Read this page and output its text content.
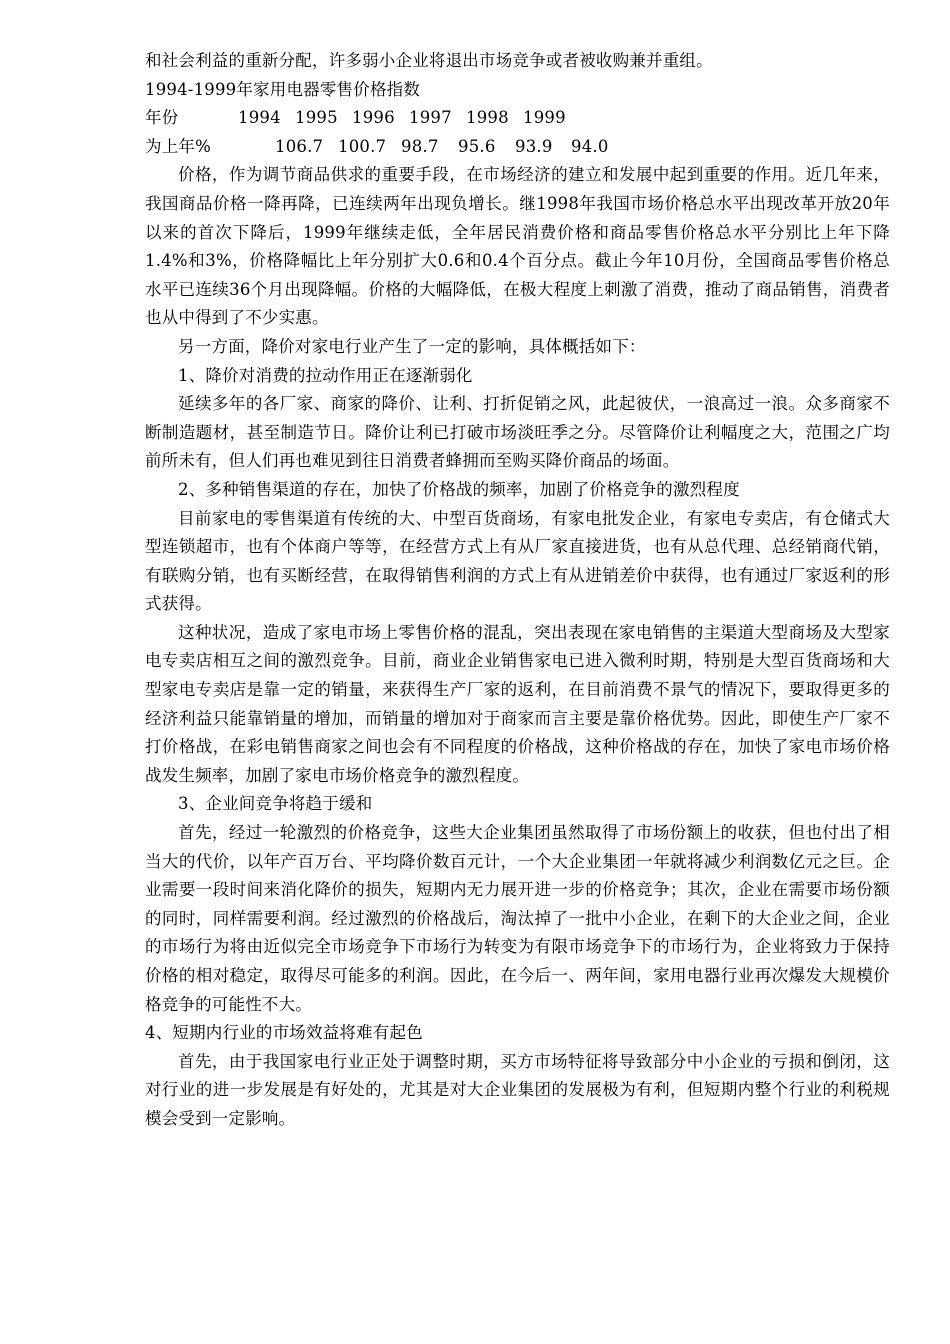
和社会利益的重新分配，许多弱小企业将退出市场竞争或者被收购兼并重组。

1994-1999年家用电器零售价格指数

年份	1994 1995 1996 1997 1998 1999
为上年%	106.7 100.7 98.7 95.6 93.9 94.0

价格，作为调节商品供求的重要手段，在市场经济的建立和发展中起到重要的作用。近几年来，我国商品价格一降再降，已连续两年出现负增长。继1998年我国市场价格总水平出现改革开放20年以来的首次下降后，1999年继续走低，全年居民消费价格和商品零售价格总水平分别比上年下降1.4%和3%，价格降幅比上年分别扩大0.6和0.4个百分点。截止今年10月份，全国商品零售价格总水平已连续36个月出现降幅。价格的大幅降低，在极大程度上刺激了消费，推动了商品销售，消费者也从中得到了不少实惠。

另一方面，降价对家电行业产生了一定的影响，具体概括如下：

1、降价对消费的拉动作用正在逐渐弱化

延续多年的各厂家、商家的降价、让利、打折促销之风，此起彼伏，一浪高过一浪。众多商家不断制造题材，甚至制造节日。降价让利已打破市场淡旺季之分。尽管降价让利幅度之大，范围之广均前所未有，但人们再也难见到往日消费者蜂拥而至购买降价商品的场面。

2、多种销售渠道的存在，加快了价格战的频率，加剧了价格竞争的激烈程度

目前家电的零售渠道有传统的大、中型百货商场，有家电批发企业，有家电专卖店，有仓储式大型连锁超市，也有个体商户等等，在经营方式上有从厂家直接进货，也有从总代理、总经销商代销，有联购分销，也有买断经营，在取得销售利润的方式上有从进销差价中获得，也有通过厂家返利的形式获得。

这种状况，造成了家电市场上零售价格的混乱，突出表现在家电销售的主渠道大型商场及大型家电专卖店相互之间的激烈竞争。目前，商业企业销售家电已进入微利时期，特别是大型百货商场和大型家电专卖店是靠一定的销量，来获得生产厂家的返利，在目前消费不景气的情况下，要取得更多的经济利益只能靠销量的增加，而销量的增加对于商家而言主要是靠价格优势。因此，即使生产厂家不打价格战，在彩电销售商家之间也会有不同程度的价格战，这种价格战的存在，加快了家电市场价格战发生频率，加剧了家电市场价格竞争的激烈程度。

3、企业间竞争将趋于缓和

首先，经过一轮激烈的价格竞争，这些大企业集团虽然取得了市场份额上的收获，但也付出了相当大的代价，以年产百万台、平均降价数百元计，一个大企业集团一年就将减少利润数亿元之巨。企业需要一段时间来消化降价的损失，短期内无力展开进一步的价格竞争；其次，企业在需要市场份额的同时，同样需要利润。经过激烈的价格战后，淘汰掉了一批中小企业，在剩下的大企业之间，企业的市场行为将由近似完全市场竞争下市场行为转变为有限市场竞争下的市场行为，企业将致力于保持价格的相对稳定，取得尽可能多的利润。因此，在今后一、两年间，家用电器行业再次爆发大规模价格竞争的可能性不大。

4、短期内行业的市场效益将难有起色

首先，由于我国家电行业正处于调整时期，买方市场特征将导致部分中小企业的亏损和倒闭，这对行业的进一步发展是有好处的，尤其是对大企业集团的发展极为有利，但短期内整个行业的利税规模会受到一定影响。
